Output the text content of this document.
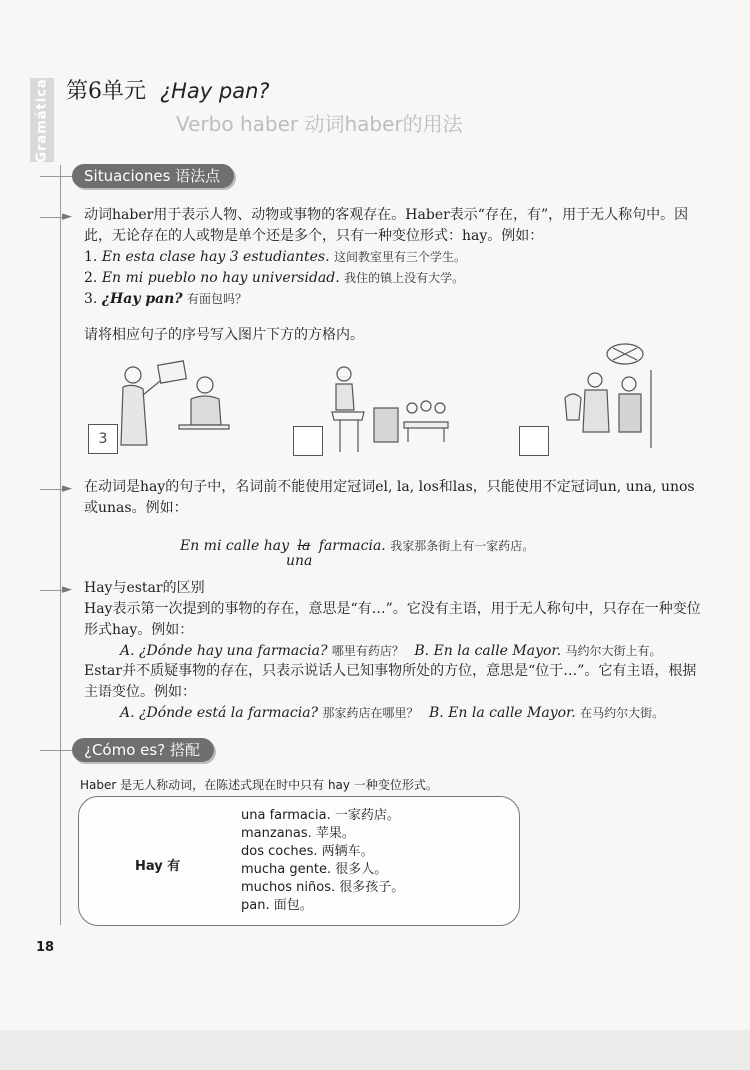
Gramática 第6单元 ¿Hay pan?
Verbo haber 动词haber的用法
Situaciones 语法点
► 动词haber用于表示人物、动物或事物的客观存在。Haber表示“存在，有”，用于无人称句中。因此，无论存在的人或物是单个还是多个，只有一种变位形式：hay。例如：
1. En esta clase hay 3 estudiantes. 这间教室里有三个学生。
2. En mi pueblo no hay universidad. 我住的镇上没有大学。
3. ¿Hay pan? 有面包吗？
请将相应句子的序号写入图片下方的方格内。
3
► 在动词是hay的句子中，名词前不能使用定冠词el, la, los和las，只能使用不定冠词un, una, unos或unas。例如：
En mi calle hay la farmacia. 我家那条街上有一家药店。
una
► Hay与estar的区别
Hay表示第一次提到的事物的存在，意思是“有…”。它没有主语，用于无人称句中，只存在一种变位形式hay。例如：
A. ¿Dónde hay una farmacia? 哪里有药店？ B. En la calle Mayor. 马约尔大街上有。
Estar并不质疑事物的存在，只表示说话人已知事物所处的方位，意思是“位于…”。它有主语，根据主语变位。例如：
A. ¿Dónde está la farmacia? 那家药店在哪里？ B. En la calle Mayor. 在马约尔大街。
¿Cómo es? 搭配
Haber 是无人称动词，在陈述式现在时中只有 hay 一种变位形式。
Hay 有
una farmacia. 一家药店。
manzanas. 苹果。
dos coches. 两辆车。
mucha gente. 很多人。
muchos niños. 很多孩子。
pan. 面包。
18
